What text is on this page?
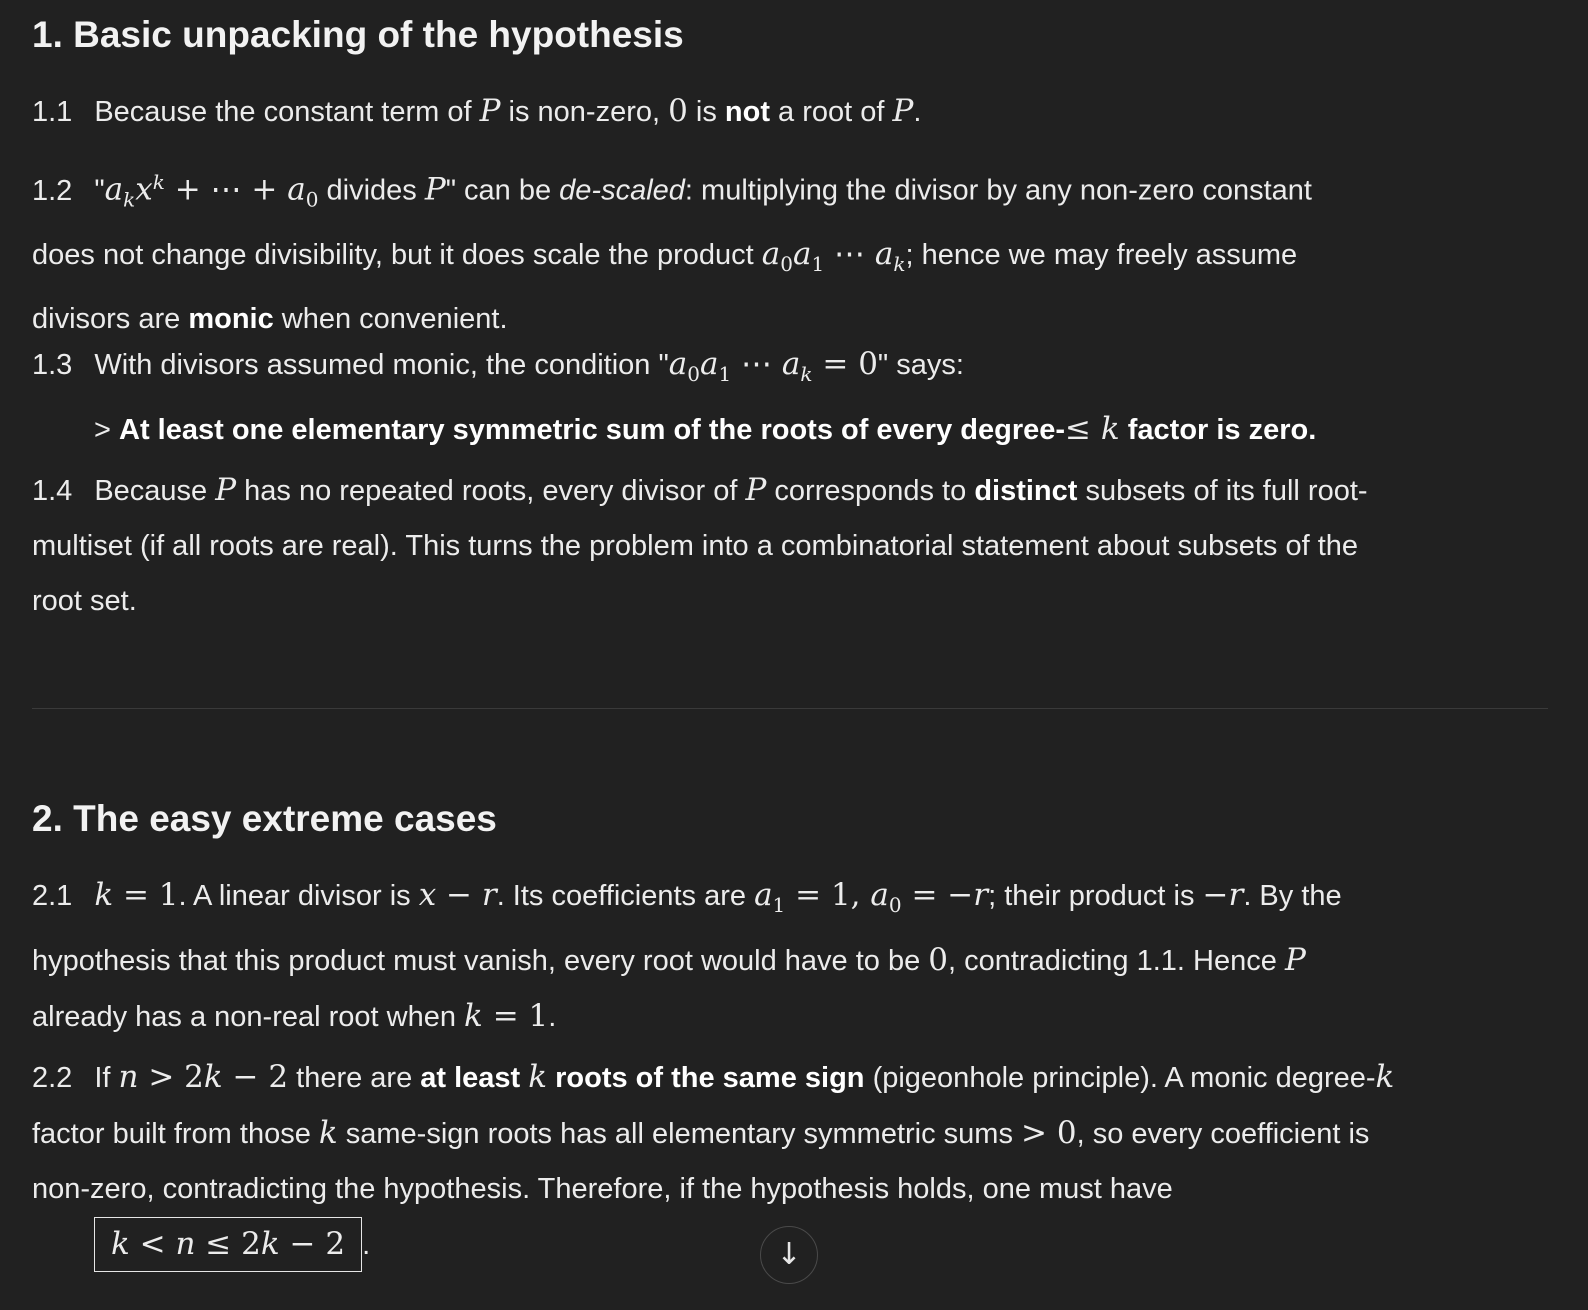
1. Basic unpacking of the hypothesis
1.1 Because the constant term of P is non-zero, 0 is not a root of P.
1.2 "$a_kx^k$ + ⋯ + $a_0$ divides P" can be de-scaled: multiplying the divisor by any non-zero constant
does not change divisibility, but it does scale the product $a_0a_1$ ⋯ $a_k$; hence we may freely assume
divisors are monic when convenient.
1.3 With divisors assumed monic, the condition "$a_0a_1$ ⋯ $a_k = 0$" says:
> At least one elementary symmetric sum of the roots of every degree-≤ k factor is zero.
1.4 Because P has no repeated roots, every divisor of P corresponds to distinct subsets of its full root-
multiset (if all roots are real). This turns the problem into a combinatorial statement about subsets of the
root set.
2. The easy extreme cases
2.1 k = 1. A linear divisor is x − r. Its coefficients are $a_1 = 1$, $a_0 = -r$; their product is −r. By the
hypothesis that this product must vanish, every root would have to be 0, contradicting 1.1. Hence P
already has a non-real root when k = 1.
2.2 If n > 2k − 2 there are at least k roots of the same sign (pigeonhole principle). A monic degree-k
factor built from those k same-sign roots has all elementary symmetric sums > 0, so every coefficient is
non-zero, contradicting the hypothesis. Therefore, if the hypothesis holds, one must have
k < n ≤ 2k − 2 .	↓
